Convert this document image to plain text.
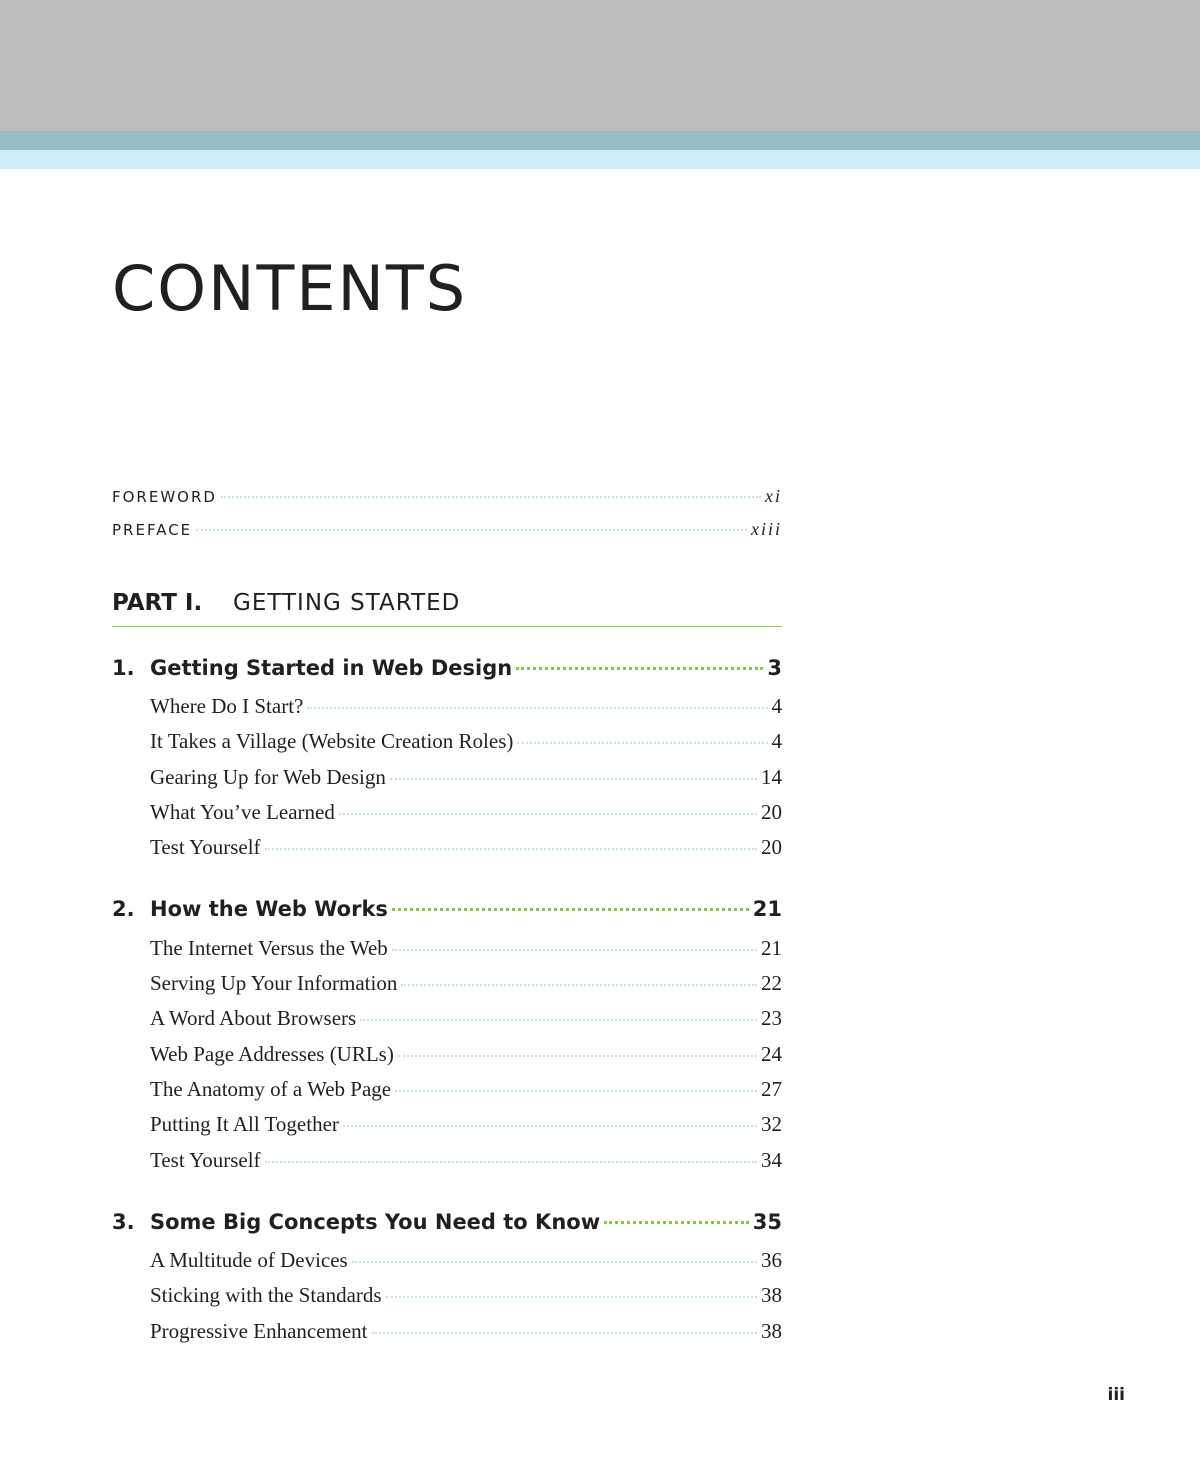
CONTENTS
FOREWORD	xi
PREFACE	xiii
PART I. GETTING STARTED
1. Getting Started in Web Design	3
Where Do I Start?	4
It Takes a Village (Website Creation Roles)	4
Gearing Up for Web Design	14
What You’ve Learned	20
Test Yourself	20
2. How the Web Works	21
The Internet Versus the Web	21
Serving Up Your Information	22
A Word About Browsers	23
Web Page Addresses (URLs)	24
The Anatomy of a Web Page	27
Putting It All Together	32
Test Yourself	34
3. Some Big Concepts You Need to Know	35
A Multitude of Devices	36
Sticking with the Standards	38
Progressive Enhancement	38
iii
